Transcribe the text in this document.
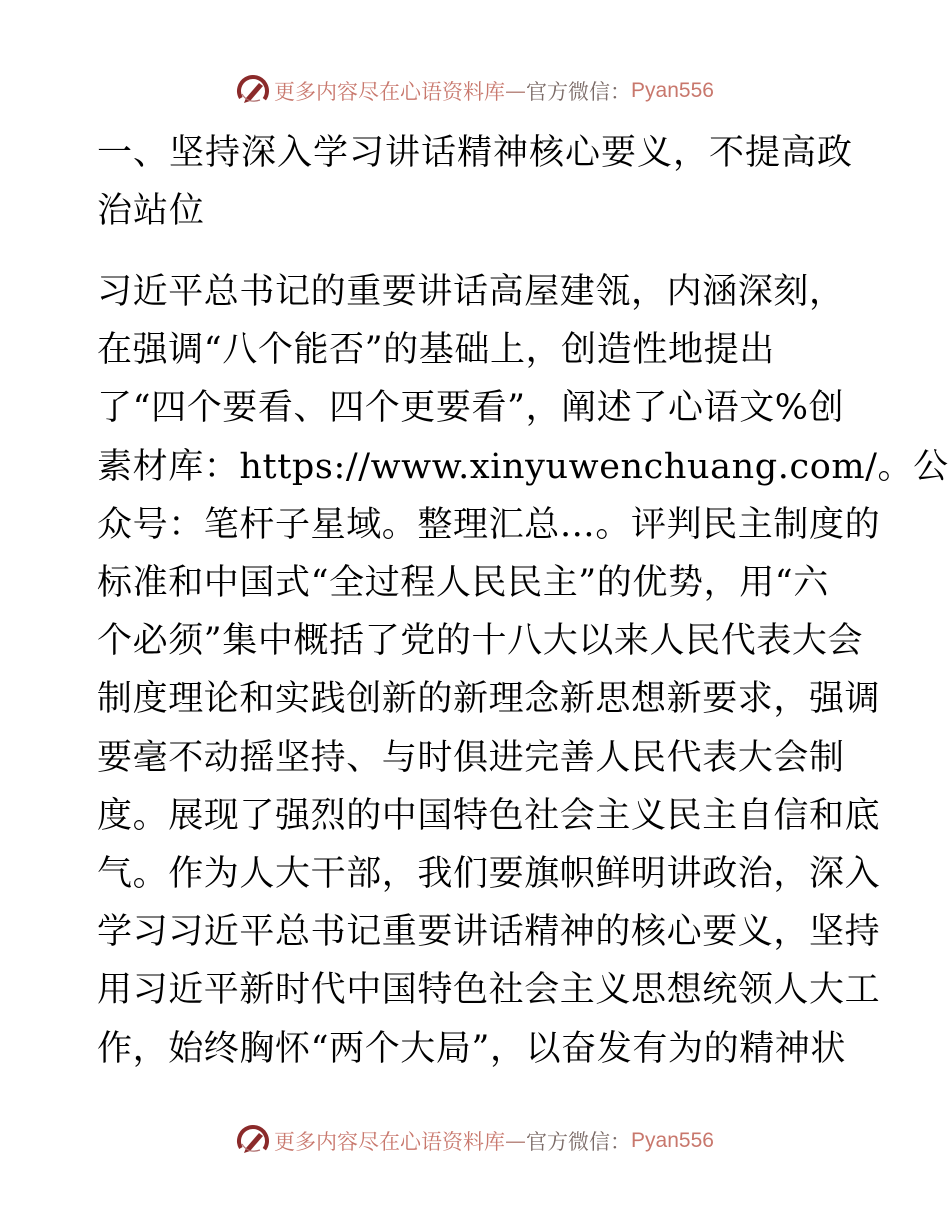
更多内容尽在心语资料库 — 官方微信： Pyan556
一、坚持深入学习讲话精神核心要义，不提高政
治站位

习近平总书记的重要讲话高屋建瓴，内涵深刻，
在强调“八个能否”的基础上，创造性地提出
了“四个要看、四个更要看”，阐述了心语文%创
素材库：https://www.xinyuwenchuang.com/。公
众号：笔杆子星域。整理汇总…。评判民主制度的
标准和中国式“全过程人民民主”的优势，用“六
个必须”集中概括了党的十八大以来人民代表大会
制度理论和实践创新的新理念新思想新要求，强调
要毫不动摇坚持、与时俱进完善人民代表大会制
度。展现了强烈的中国特色社会主义民主自信和底
气。作为人大干部，我们要旗帜鲜明讲政治，深入
学习习近平总书记重要讲话精神的核心要义，坚持
用习近平新时代中国特色社会主义思想统领人大工
作，始终胸怀“两个大局”，以奋发有为的精神状

更多内容尽在心语资料库 — 官方微信： Pyan556
